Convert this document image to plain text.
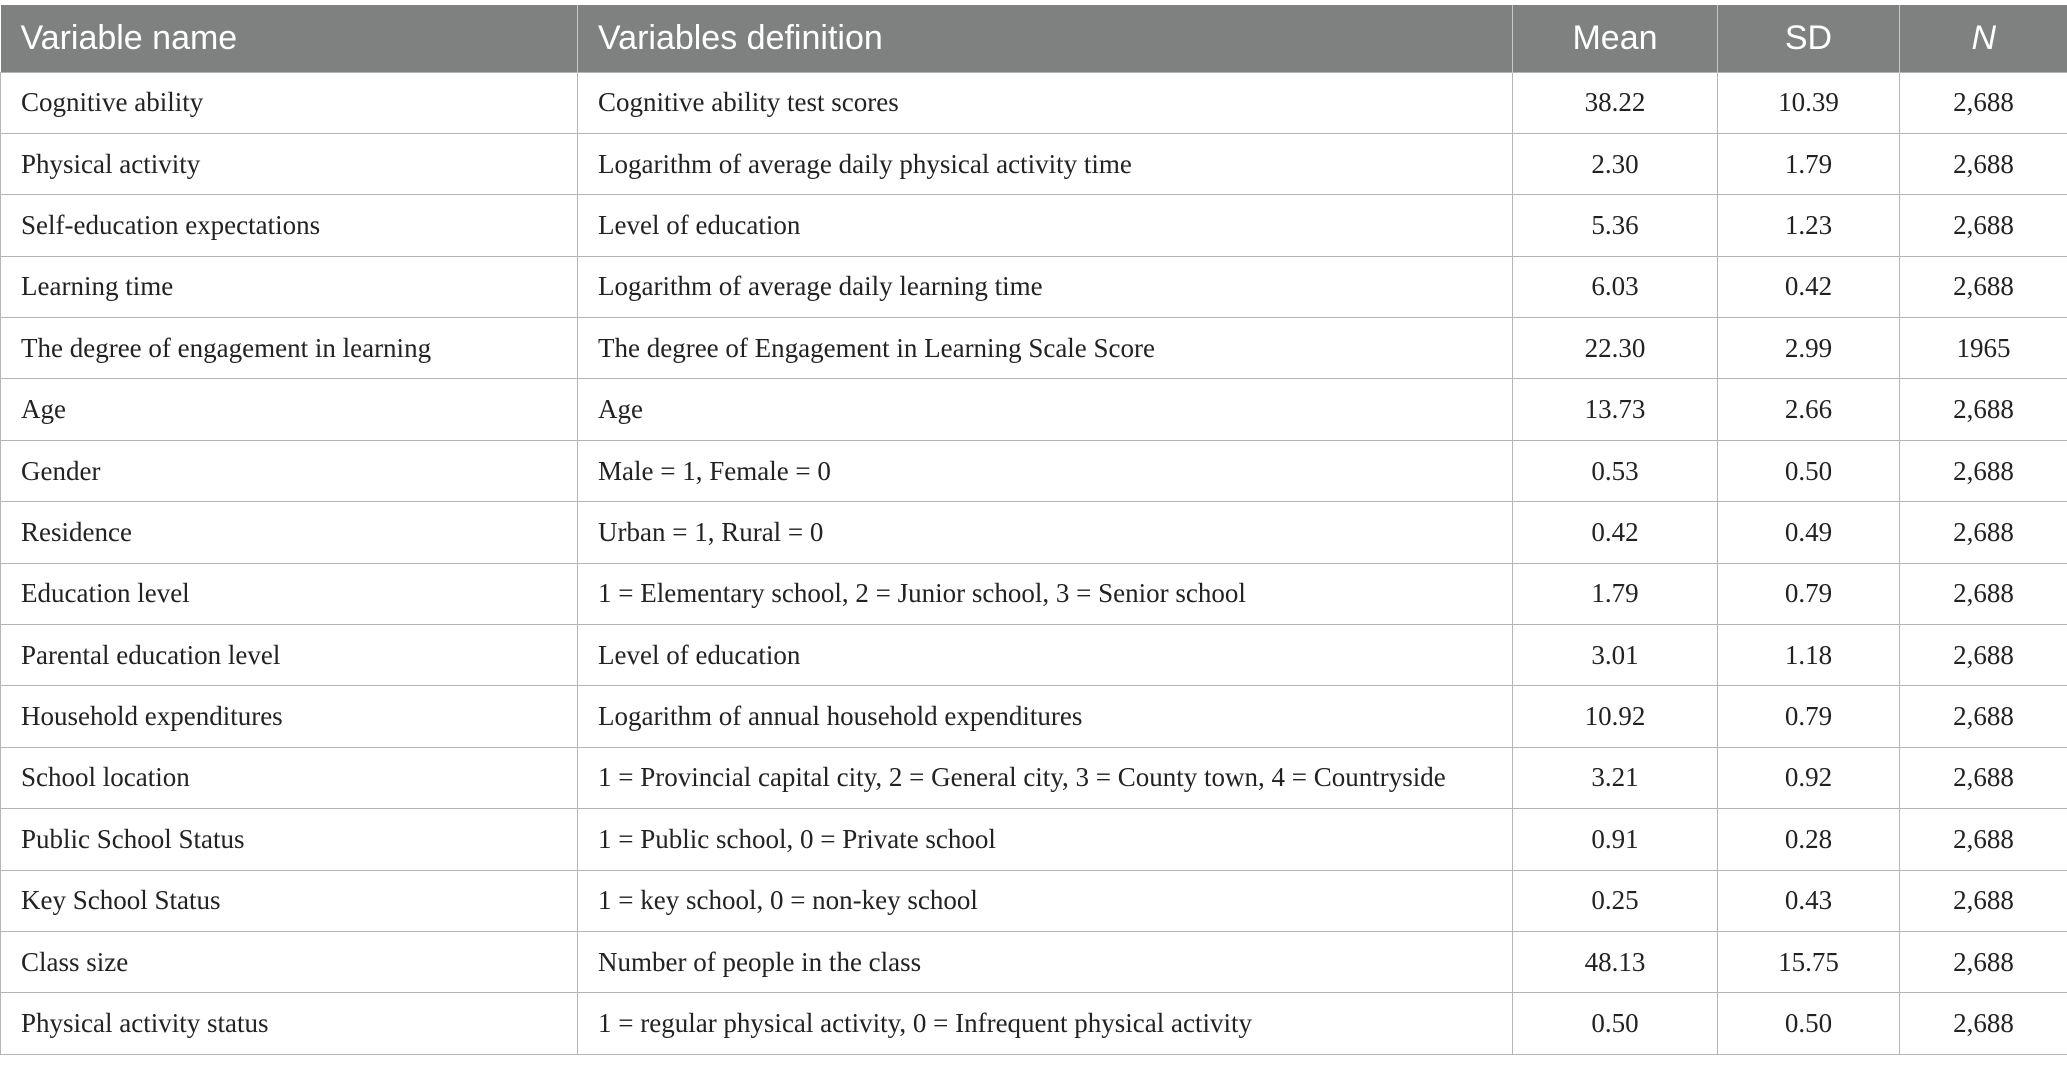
Variable name	Variables definition	Mean	SD	N
Cognitive ability	Cognitive ability test scores	38.22	10.39	2,688
Physical activity	Logarithm of average daily physical activity time	2.30	1.79	2,688
Self-education expectations	Level of education	5.36	1.23	2,688
Learning time	Logarithm of average daily learning time	6.03	0.42	2,688
The degree of engagement in learning	The degree of Engagement in Learning Scale Score	22.30	2.99	1965
Age	Age	13.73	2.66	2,688
Gender	Male = 1, Female = 0	0.53	0.50	2,688
Residence	Urban = 1, Rural = 0	0.42	0.49	2,688
Education level	1 = Elementary school, 2 = Junior school, 3 = Senior school	1.79	0.79	2,688
Parental education level	Level of education	3.01	1.18	2,688
Household expenditures	Logarithm of annual household expenditures	10.92	0.79	2,688
School location	1 = Provincial capital city, 2 = General city, 3 = County town, 4 = Countryside	3.21	0.92	2,688
Public School Status	1 = Public school, 0 = Private school	0.91	0.28	2,688
Key School Status	1 = key school, 0 = non-key school	0.25	0.43	2,688
Class size	Number of people in the class	48.13	15.75	2,688
Physical activity status	1 = regular physical activity, 0 = Infrequent physical activity	0.50	0.50	2,688
